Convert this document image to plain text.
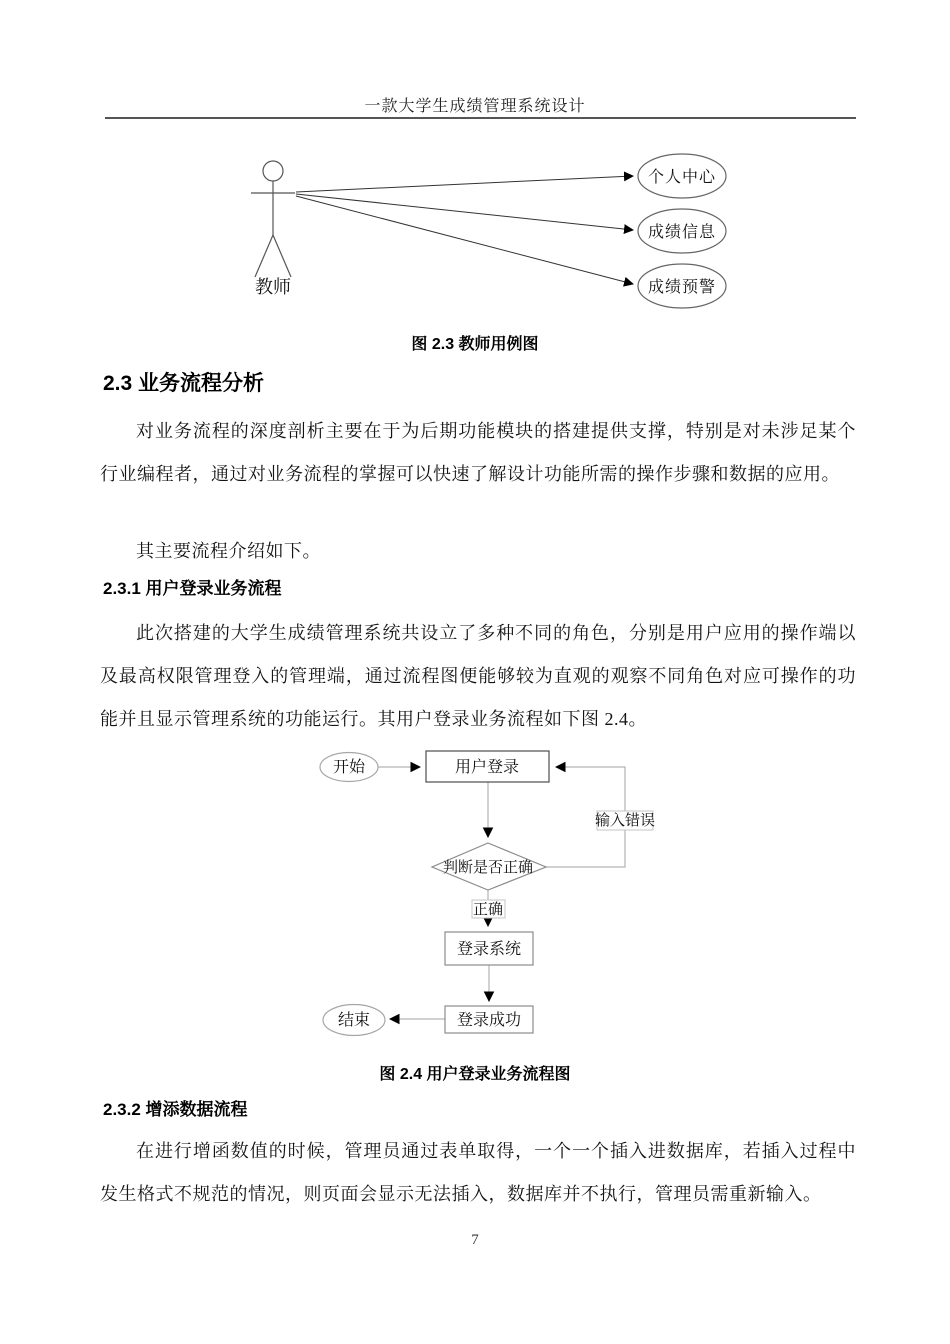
一款大学生成绩管理系统设计
教师
个人中心
成绩信息
成绩预警
图 2.3 教师用例图
2.3 业务流程分析

对业务流程的深度剖析主要在于为后期功能模块的搭建提供支撑，特别是对未涉足某个行业编程者，通过对业务流程的掌握可以快速了解设计功能所需的操作步骤和数据的应用。

其主要流程介绍如下。

2.3.1 用户登录业务流程

此次搭建的大学生成绩管理系统共设立了多种不同的角色，分别是用户应用的操作端以及最高权限管理登入的管理端，通过流程图便能够较为直观的观察不同角色对应可操作的功能并且显示管理系统的功能运行。其用户登录业务流程如下图 2.4。

开始	用户登录
判断是否正确
输入错误
正确
登录系统
登录成功
结束
图 2.4 用户登录业务流程图
2.3.2 增添数据流程

在进行增函数值的时候，管理员通过表单取得，一个一个插入进数据库，若插入过程中发生格式不规范的情况，则页面会显示无法插入，数据库并不执行，管理员需重新输入。

7
